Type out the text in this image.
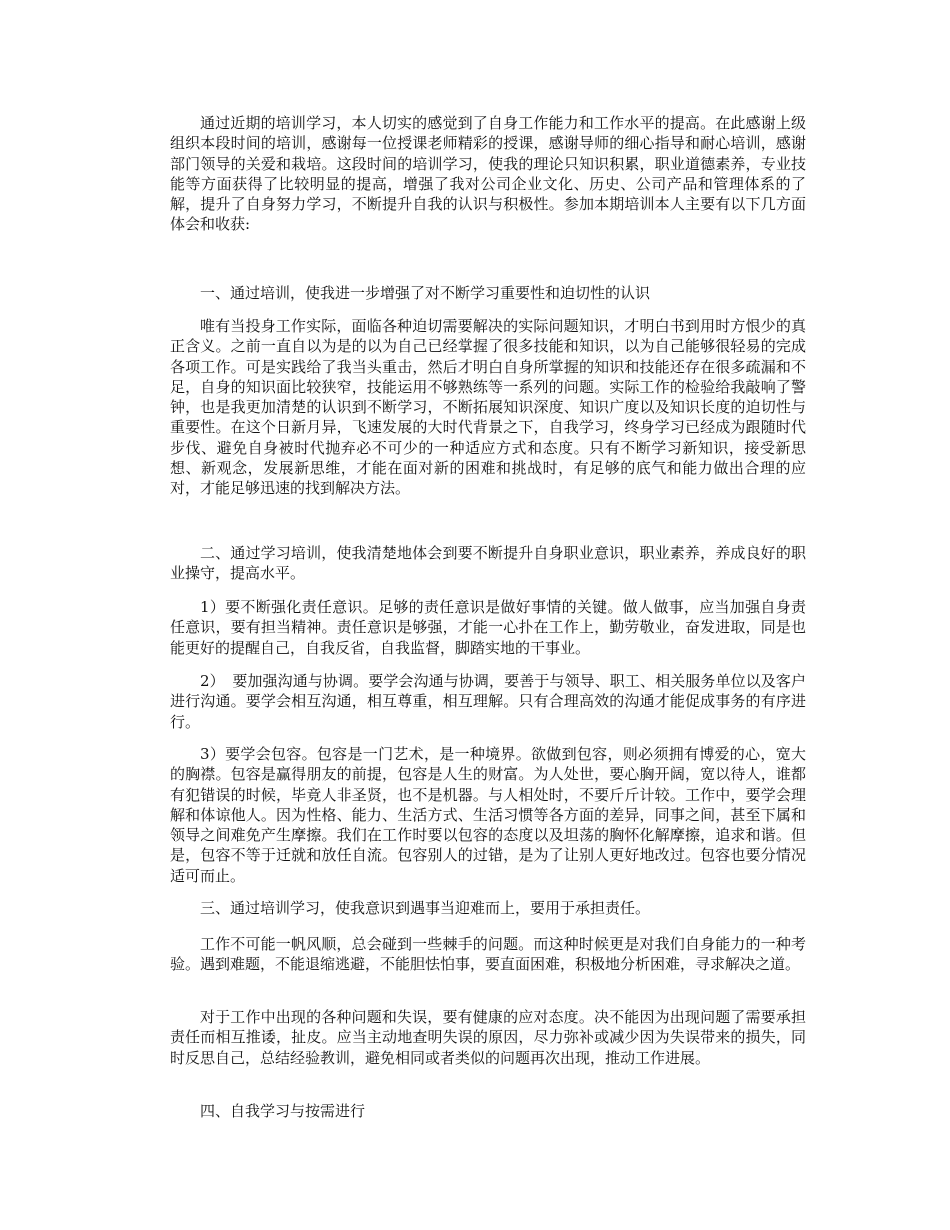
通过近期的培训学习，本人切实的感觉到了自身工作能力和工作水平的提高。在此感谢上级组织本段时间的培训，感谢每一位授课老师精彩的授课，感谢导师的细心指导和耐心培训，感谢部门领导的关爱和栽培。这段时间的培训学习，使我的理论只知识积累，职业道德素养，专业技能等方面获得了比较明显的提高，增强了我对公司企业文化、历史、公司产品和管理体系的了解，提升了自身努力学习，不断提升自我的认识与积极性。参加本期培训本人主要有以下几方面体会和收获:

一、通过培训，使我进一步增强了对不断学习重要性和迫切性的认识

唯有当投身工作实际，面临各种迫切需要解决的实际问题知识，才明白书到用时方恨少的真正含义。之前一直自以为是的以为自己已经掌握了很多技能和知识，以为自己能够很轻易的完成各项工作。可是实践给了我当头重击，然后才明白自身所掌握的知识和技能还存在很多疏漏和不足，自身的知识面比较狭窄，技能运用不够熟练等一系列的问题。实际工作的检验给我敲响了警钟，也是我更加清楚的认识到不断学习，不断拓展知识深度、知识广度以及知识长度的迫切性与重要性。在这个日新月异，飞速发展的大时代背景之下，自我学习，终身学习已经成为跟随时代步伐、避免自身被时代抛弃必不可少的一种适应方式和态度。只有不断学习新知识，接受新思想、新观念，发展新思维，才能在面对新的困难和挑战时，有足够的底气和能力做出合理的应对，才能足够迅速的找到解决方法。

二、通过学习培训，使我清楚地体会到要不断提升自身职业意识，职业素养，养成良好的职业操守，提高水平。

1）要不断强化责任意识。足够的责任意识是做好事情的关键。做人做事，应当加强自身责任意识，要有担当精神。责任意识是够强，才能一心扑在工作上，勤劳敬业，奋发进取，同是也能更好的提醒自己，自我反省，自我监督，脚踏实地的干事业。

2）　要加强沟通与协调。要学会沟通与协调，要善于与领导、职工、相关服务单位以及客户进行沟通。要学会相互沟通，相互尊重，相互理解。只有合理高效的沟通才能促成事务的有序进行。

3）要学会包容。包容是一门艺术，是一种境界。欲做到包容，则必须拥有博爱的心，宽大的胸襟。包容是赢得朋友的前提，包容是人生的财富。为人处世，要心胸开阔，宽以待人，谁都有犯错误的时候，毕竟人非圣贤，也不是机器。与人相处时，不要斤斤计较。工作中，要学会理解和体谅他人。因为性格、能力、生活方式、生活习惯等各方面的差异，同事之间，甚至下属和领导之间难免产生摩擦。我们在工作时要以包容的态度以及坦荡的胸怀化解摩擦，追求和谐。但是，包容不等于迁就和放任自流。包容别人的过错，是为了让别人更好地改过。包容也要分情况适可而止。

三、通过培训学习，使我意识到遇事当迎难而上，要用于承担责任。

工作不可能一帆风顺，总会碰到一些棘手的问题。而这种时候更是对我们自身能力的一种考验。遇到难题，不能退缩逃避，不能胆怯怕事，要直面困难，积极地分析困难，寻求解决之道。

对于工作中出现的各种问题和失误，要有健康的应对态度。决不能因为出现问题了需要承担责任而相互推诿，扯皮。应当主动地查明失误的原因，尽力弥补或减少因为失误带来的损失，同时反思自己，总结经验教训，避免相同或者类似的问题再次出现，推动工作进展。

四、自我学习与按需进行
